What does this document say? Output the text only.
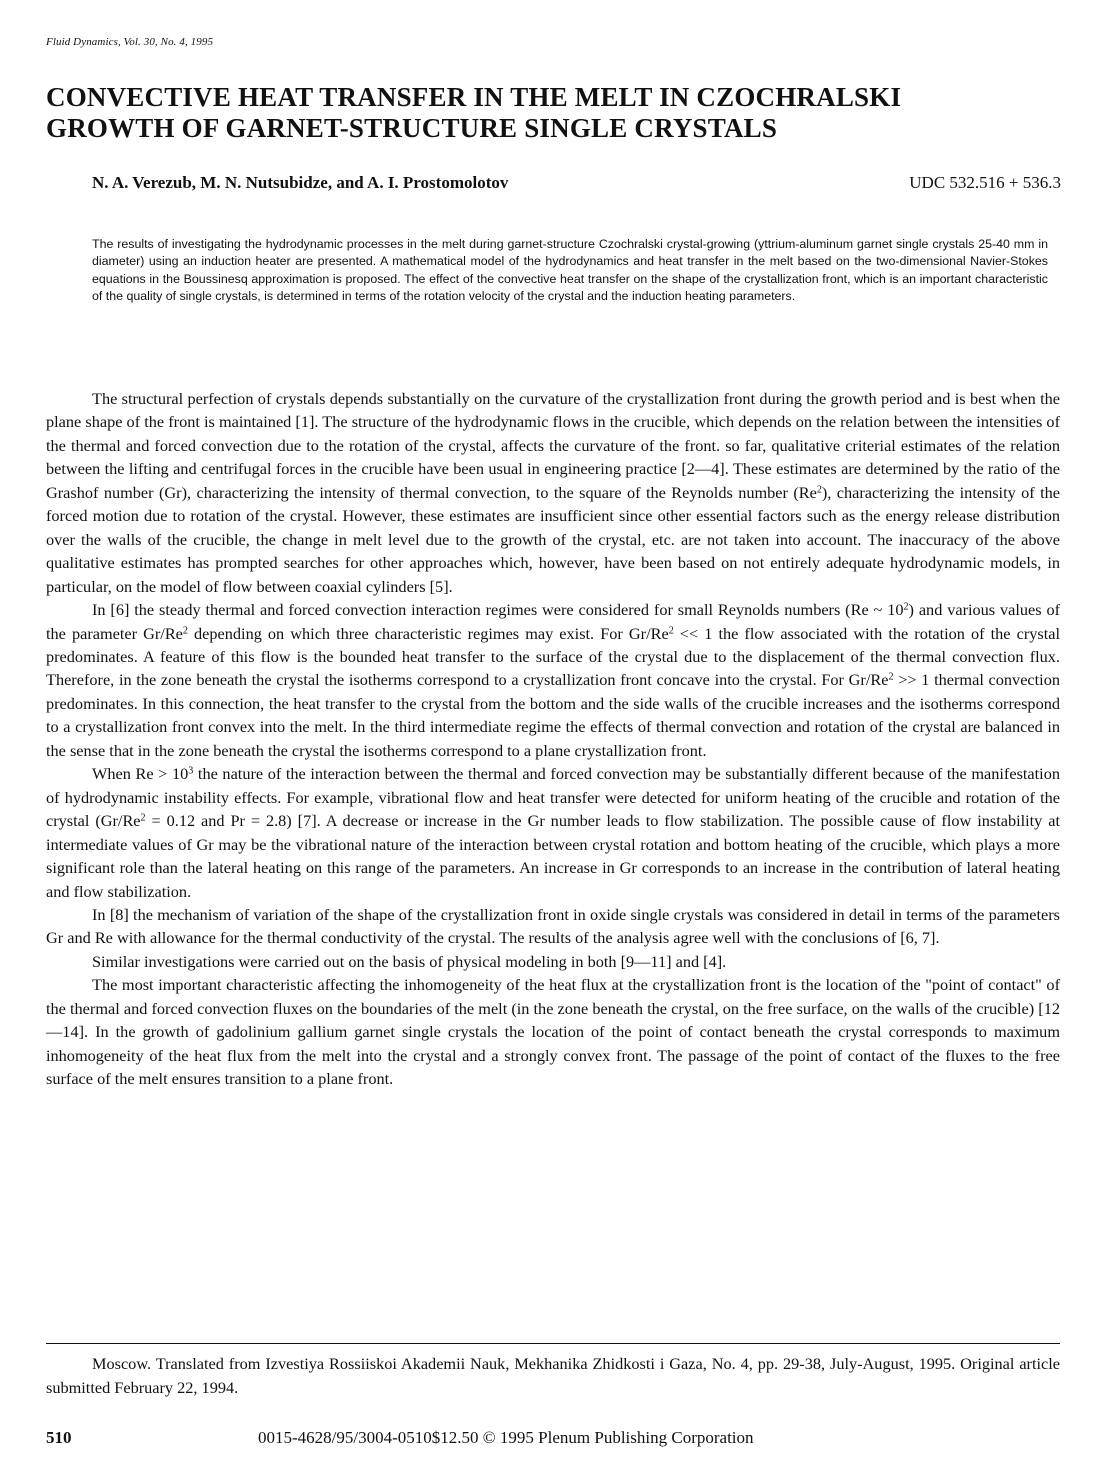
Fluid Dynamics, Vol. 30, No. 4, 1995
CONVECTIVE HEAT TRANSFER IN THE MELT IN CZOCHRALSKI
GROWTH OF GARNET-STRUCTURE SINGLE CRYSTALS
N. A. Verezub, M. N. Nutsubidze, and A. I. Prostomolotov	UDC 532.516 + 536.3

The results of investigating the hydrodynamic processes in the melt during garnet-structure Czochralski crystal-growing (yttrium-aluminum garnet single crystals 25-40 mm in diameter) using an induction heater are presented. A mathematical model of the hydrodynamics and heat transfer in the melt based on the two-dimensional Navier-Stokes equations in the Boussinesq approximation is proposed. The effect of the convective heat transfer on the shape of the crystallization front, which is an important characteristic of the quality of single crystals, is determined in terms of the rotation velocity of the crystal and the induction heating parameters.

The structural perfection of crystals depends substantially on the curvature of the crystallization front during the growth period and is best when the plane shape of the front is maintained [1]. The structure of the hydrodynamic flows in the crucible, which depends on the relation between the intensities of the thermal and forced convection due to the rotation of the crystal, affects the curvature of the front. so far, qualitative criterial estimates of the relation between the lifting and centrifugal forces in the crucible have been usual in engineering practice [2—4]. These estimates are determined by the ratio of the Grashof number (Gr), characterizing the intensity of thermal convection, to the square of the Reynolds number (Re$^2$), characterizing the intensity of the forced motion due to rotation of the crystal. However, these estimates are insufficient since other essential factors such as the energy release distribution over the walls of the crucible, the change in melt level due to the growth of the crystal, etc. are not taken into account. The inaccuracy of the above qualitative estimates has prompted searches for other approaches which, however, have been based on not entirely adequate hydrodynamic models, in particular, on the model of flow between coaxial cylinders [5].

In [6] the steady thermal and forced convection interaction regimes were considered for small Reynolds numbers (Re ~ $10^2$) and various values of the parameter Gr/Re$^2$ depending on which three characteristic regimes may exist. For $Gr/Re^2 << 1$ the flow associated with the rotation of the crystal predominates. A feature of this flow is the bounded heat transfer to the surface of the crystal due to the displacement of the thermal convection flux. Therefore, in the zone beneath the crystal the isotherms correspond to a crystallization front concave into the crystal. For $Gr/Re^2 >> 1$ thermal convection predominates. In this connection, the heat transfer to the crystal from the bottom and the side walls of the crucible increases and the isotherms correspond to a crystallization front convex into the melt. In the third intermediate regime the effects of thermal convection and rotation of the crystal are balanced in the sense that in the zone beneath the crystal the isotherms correspond to a plane crystallization front.

When $Re > 10^3$ the nature of the interaction between the thermal and forced convection may be substantially different because of the manifestation of hydrodynamic instability effects. For example, vibrational flow and heat transfer were detected for uniform heating of the crucible and rotation of the crystal ($Gr/Re^2 = 0.12$ and Pr = 2.8) [7]. A decrease or increase in the Gr number leads to flow stabilization. The possible cause of flow instability at intermediate values of Gr may be the vibrational nature of the interaction between crystal rotation and bottom heating of the crucible, which plays a more significant role than the lateral heating on this range of the parameters. An increase in Gr corresponds to an increase in the contribution of lateral heating and flow stabilization.

In [8] the mechanism of variation of the shape of the crystallization front in oxide single crystals was considered in detail in terms of the parameters Gr and Re with allowance for the thermal conductivity of the crystal. The results of the analysis agree well with the conclusions of [6, 7].

Similar investigations were carried out on the basis of physical modeling in both [9—11] and [4].

The most important characteristic affecting the inhomogeneity of the heat flux at the crystallization front is the location of the "point of contact" of the thermal and forced convection fluxes on the boundaries of the melt (in the zone beneath the crystal, on the free surface, on the walls of the crucible) [12—14]. In the growth of gadolinium gallium garnet single crystals the location of the point of contact beneath the crystal corresponds to maximum inhomogeneity of the heat flux from the melt into the crystal and a strongly convex front. The passage of the point of contact of the fluxes to the free surface of the melt ensures transition to a plane front.

Moscow. Translated from Izvestiya Rossiiskoi Akademii Nauk, Mekhanika Zhidkosti i Gaza, No. 4, pp. 29-38, July-August, 1995. Original article submitted February 22, 1994.

510	0015-4628/95/3004-0510$12.50 © 1995 Plenum Publishing Corporation
